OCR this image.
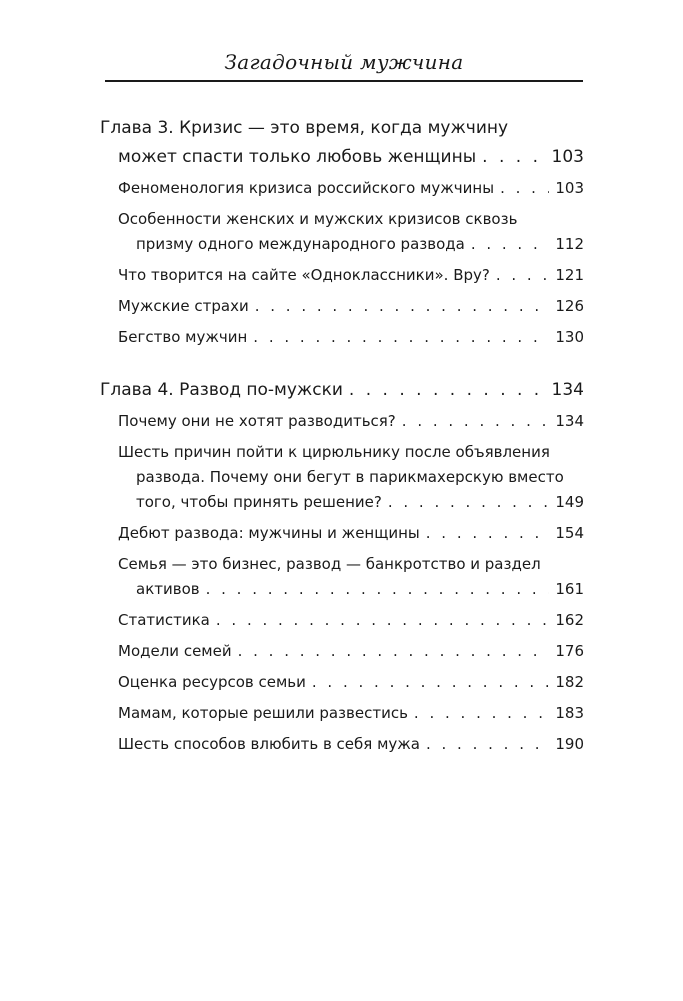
Загадочный мужчина
Глава 3. Кризис — это время, когда мужчину
может спасти только любовь женщины . . .	103
Феноменология кризиса российского мужчины . . .	103
Особенности женских и мужских кризисов сквозь
призму одного международного развода . . .	112
Что творится на сайте «Одноклассники». Вру? . . .	121
Мужские страхи . . .	126
Бегство мужчин . . .	130
Глава 4. Развод по-мужски . . .	134
Почему они не хотят разводиться? . . .	134
Шесть причин пойти к цирюльнику после объявления
развода. Почему они бегут в парикмахерскую вместо
того, чтобы принять решение? . . .	149
Дебют развода: мужчины и женщины . . .	154
Семья — это бизнес, развод — банкротство и раздел
активов . . .	161
Статистика . . .	162
Модели семей . . .	176
Оценка ресурсов семьи . . .	182
Мамам, которые решили развестись . . .	183
Шесть способов влюбить в себя мужа . . .	190
